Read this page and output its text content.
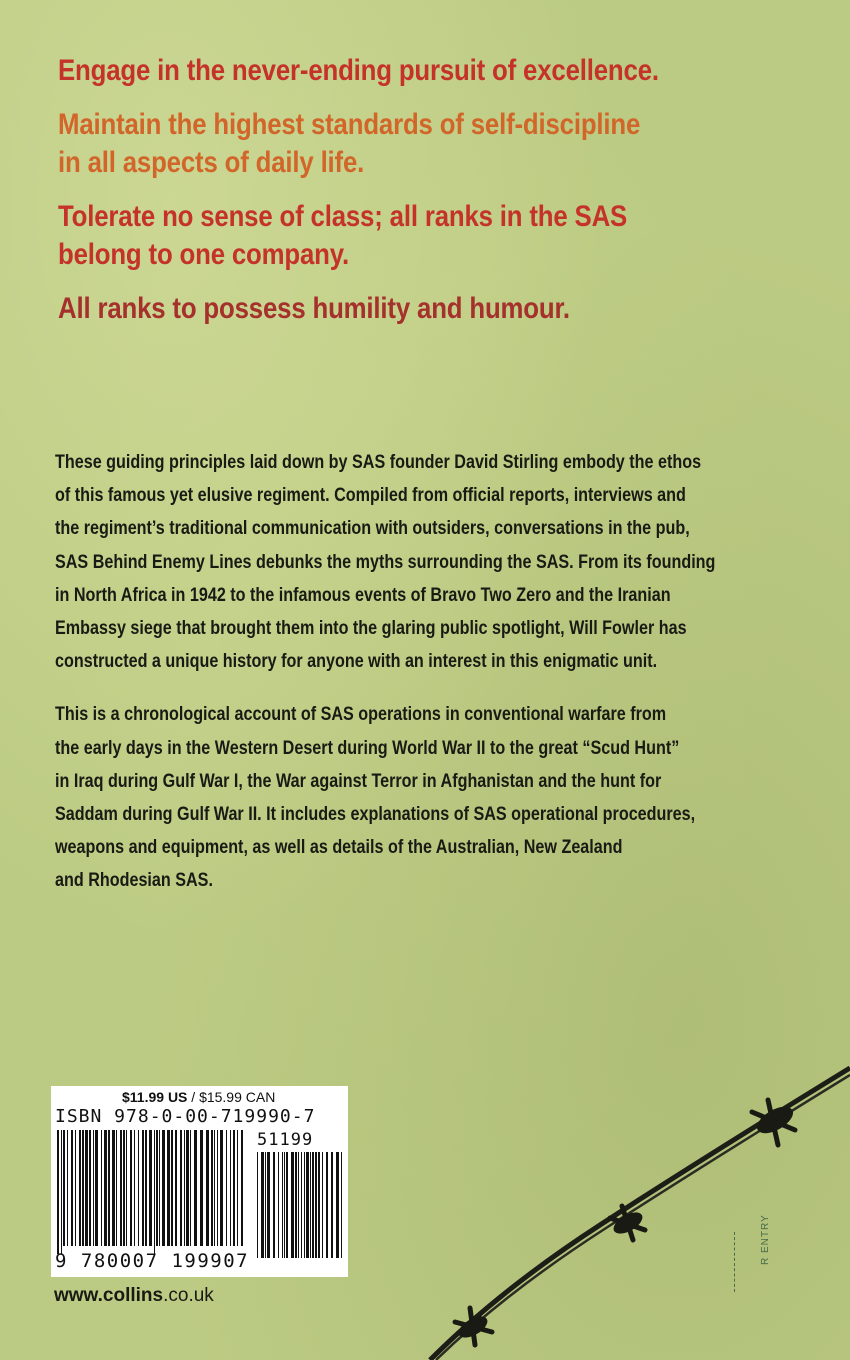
Engage in the never-ending pursuit of excellence.

Maintain the highest standards of self-discipline

in all aspects of daily life.

Tolerate no sense of class; all ranks in the SAS

belong to one company.

All ranks to possess humility and humour.

These guiding principles laid down by SAS founder David Stirling embody the ethos
of this famous yet elusive regiment. Compiled from official reports, interviews and
the regiment’s traditional communication with outsiders, conversations in the pub,
SAS Behind Enemy Lines debunks the myths surrounding the SAS. From its founding
in North Africa in 1942 to the infamous events of Bravo Two Zero and the Iranian
Embassy siege that brought them into the glaring public spotlight, Will Fowler has
constructed a unique history for anyone with an interest in this enigmatic unit.

This is a chronological account of SAS operations in conventional warfare from
the early days in the Western Desert during World War II to the great “Scud Hunt”
in Iraq during Gulf War I, the War against Terror in Afghanistan and the hunt for
Saddam during Gulf War II. It includes explanations of SAS operational procedures,
weapons and equipment, as well as details of the Australian, New Zealand
and Rhodesian SAS.

$11.99 US / $15.99 CAN
ISBN 978-0-00-719990-7
51199
9 780007 199907
www.collins.co.uk
R ENTRY
